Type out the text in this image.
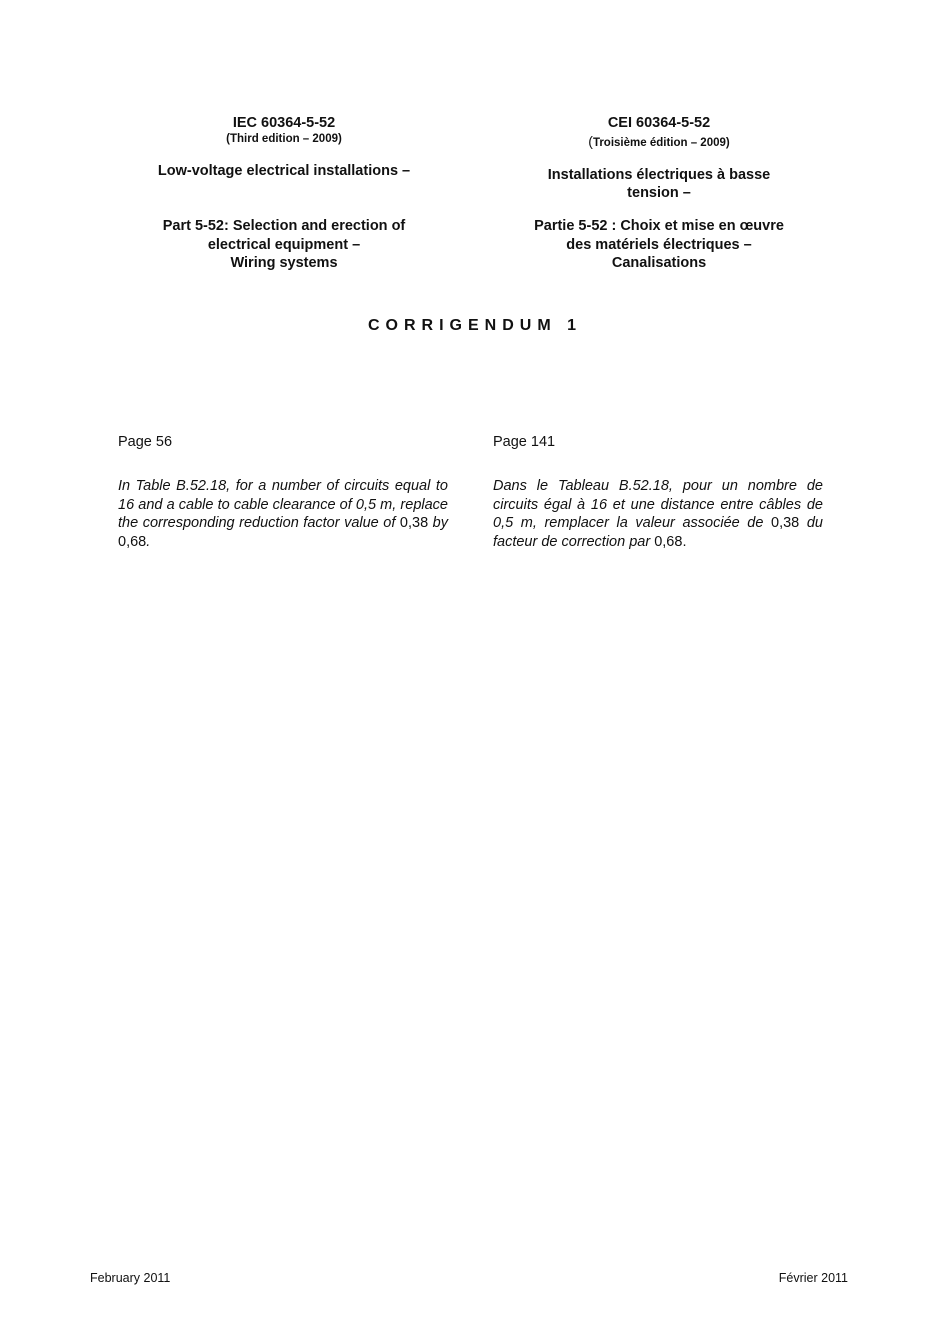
IEC 60364-5-52
(Third edition – 2009)
Low-voltage electrical installations –
Part 5-52: Selection and erection of
electrical equipment –
Wiring systems
CEI 60364-5-52
(Troisième édition – 2009)
Installations électriques à basse tension –
Partie 5-52 : Choix et mise en œuvre
des matériels électriques –
Canalisations
CORRIGENDUM 1
Page 56	Page 141
In Table B.52.18, for a number of circuits equal to 16 and a cable to cable clearance of 0,5 m, replace the corresponding reduction factor value of 0,38 by 0,68.
Dans le Tableau B.52.18, pour un nombre de circuits égal à 16 et une distance entre câbles de 0,5 m, remplacer la valeur associée de 0,38 du facteur de correction par 0,68.
February 2011	Février 2011
